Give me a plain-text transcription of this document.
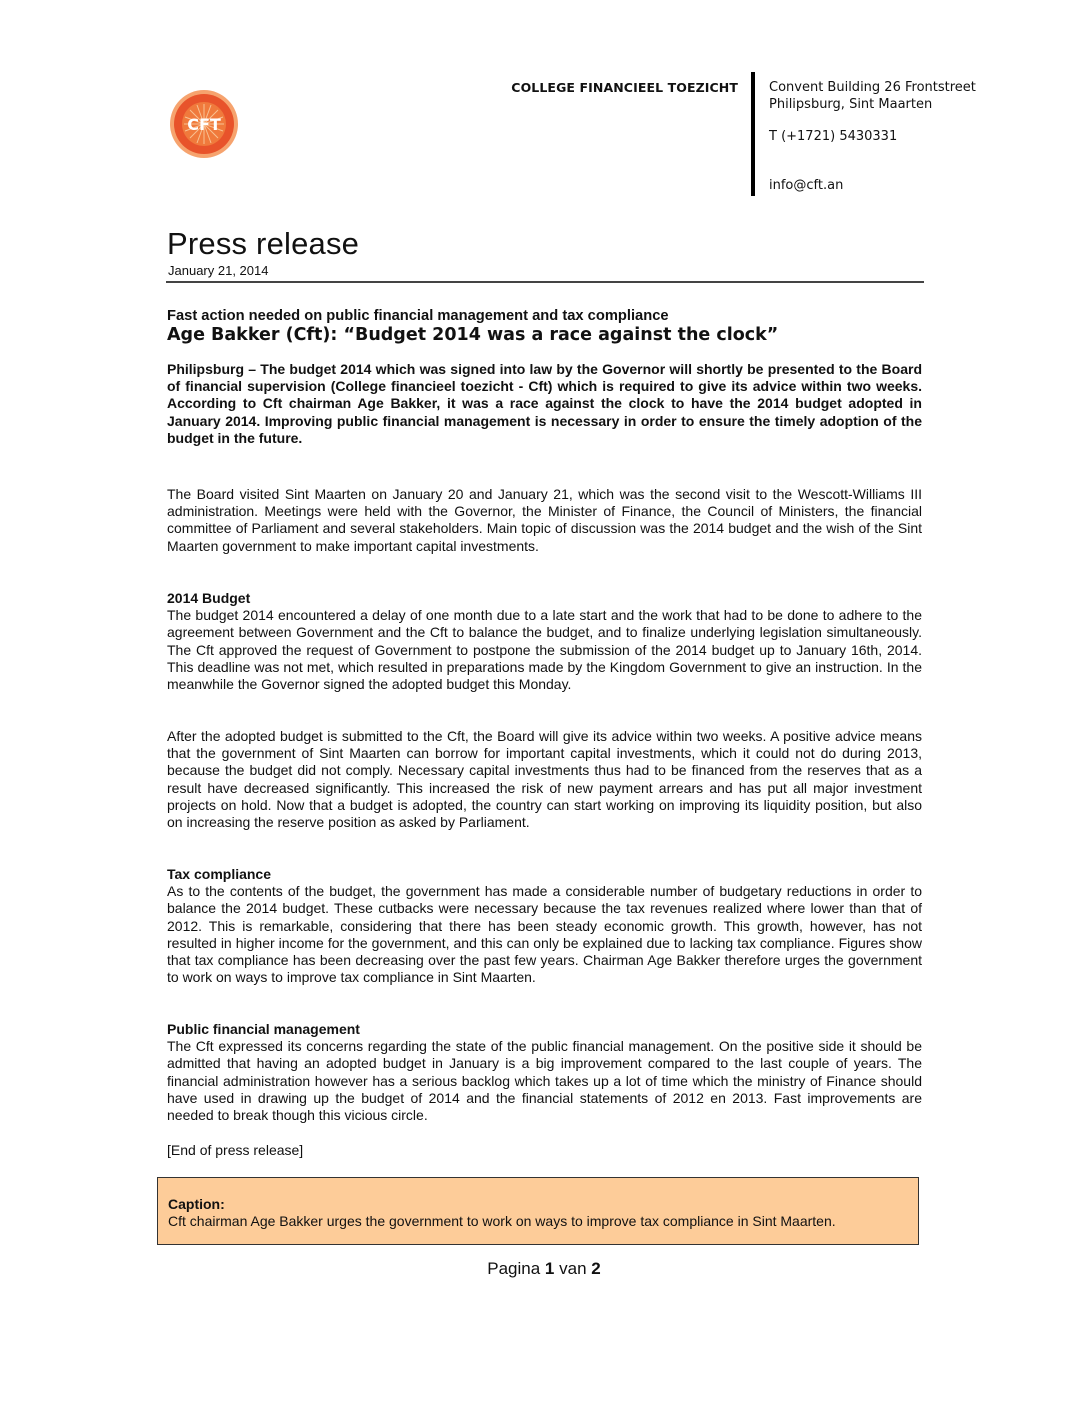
CFT
COLLEGE FINANCIEEL TOEZICHT Convent Building 26 Frontstreet
Philipsburg, Sint Maarten
T (+1721) 5430331
info@cft.an
Press release
January 21, 2014
Fast action needed on public financial management and tax compliance
Age Bakker (Cft): “Budget 2014 was a race against the clock”
Philipsburg – The budget 2014 which was signed into law by the Governor will shortly be presented to the Board of financial supervision (College financieel toezicht - Cft) which is required to give its advice within two weeks. According to Cft chairman Age Bakker, it was a race against the clock to have the 2014 budget adopted in January 2014. Improving public financial management is necessary in order to ensure the timely adoption of the budget in the future.
The Board visited Sint Maarten on January 20 and January 21, which was the second visit to the Wescott-Williams III administration. Meetings were held with the Governor, the Minister of Finance, the Council of Ministers, the financial committee of Parliament and several stakeholders. Main topic of discussion was the 2014 budget and the wish of the Sint Maarten government to make important capital investments.

2014 Budget

The budget 2014 encountered a delay of one month due to a late start and the work that had to be done to adhere to the agreement between Government and the Cft to balance the budget, and to finalize underlying legislation simultaneously. The Cft approved the request of Government to postpone the submission of the 2014 budget up to January 16th, 2014. This deadline was not met, which resulted in preparations made by the Kingdom Government to give an instruction. In the meanwhile the Governor signed the adopted budget this Monday.

After the adopted budget is submitted to the Cft, the Board will give its advice within two weeks. A positive advice means that the government of Sint Maarten can borrow for important capital investments, which it could not do during 2013, because the budget did not comply. Necessary capital investments thus had to be financed from the reserves that as a result have decreased significantly. This increased the risk of new payment arrears and has put all major investment projects on hold. Now that a budget is adopted, the country can start working on improving its liquidity position, but also on increasing the reserve position as asked by Parliament.

Tax compliance

As to the contents of the budget, the government has made a considerable number of budgetary reductions in order to balance the 2014 budget. These cutbacks were necessary because the tax revenues realized where lower than that of 2012. This is remarkable, considering that there has been steady economic growth. This growth, however, has not resulted in higher income for the government, and this can only be explained due to lacking tax compliance. Figures show that tax compliance has been decreasing over the past few years. Chairman Age Bakker therefore urges the government to work on ways to improve tax compliance in Sint Maarten.

Public financial management

The Cft expressed its concerns regarding the state of the public financial management. On the positive side it should be admitted that having an adopted budget in January is a big improvement compared to the last couple of years. The financial administration however has a serious backlog which takes up a lot of time which the ministry of Finance should have used in drawing up the budget of 2014 and the financial statements of 2012 en 2013. Fast improvements are needed to break though this vicious circle.

[End of press release]
Caption:
Cft chairman Age Bakker urges the government to work on ways to improve tax compliance in Sint Maarten.
Pagina 1 van 2
